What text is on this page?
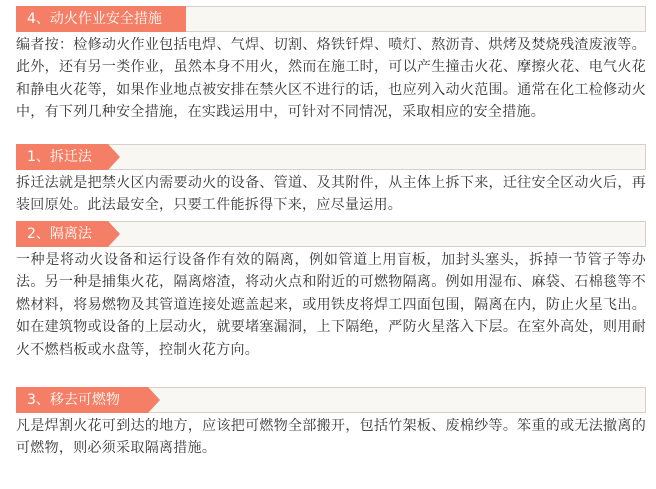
4、动火作业安全措施

编者按：检修动火作业包括电焊、气焊、切割、烙铁钎焊、喷灯、熬沥青、烘烤及焚烧残渣废液等。此外，还有另一类作业，虽然本身不用火，然而在施工时，可以产生撞击火花、摩擦火花、电气火花和静电火花等，如果作业地点被安排在禁火区不进行的话，也应列入动火范围。通常在化工检修动火中，有下列几种安全措施，在实践运用中，可针对不同情况，采取相应的安全措施。

1、拆迁法

拆迁法就是把禁火区内需要动火的设备、管道、及其附件，从主体上拆下来，迁往安全区动火后，再装回原处。此法最安全，只要工件能拆得下来，应尽量运用。

2、隔离法

一种是将动火设备和运行设备作有效的隔离，例如管道上用盲板，加封头塞头，拆掉一节管子等办法。另一种是捕集火花，隔离熔渣，将动火点和附近的可燃物隔离。例如用湿布、麻袋、石棉毯等不燃材料，将易燃物及其管道连接处遮盖起来，或用铁皮将焊工四面包围，隔离在内，防止火星飞出。如在建筑物或设备的上层动火，就要堵塞漏洞，上下隔绝，严防火星落入下层。在室外高处，则用耐火不燃档板或水盘等，控制火花方向。

3、移去可燃物

凡是焊割火花可到达的地方，应该把可燃物全部搬开，包括竹架板、废棉纱等。笨重的或无法撤离的可燃物，则必须采取隔离措施。
